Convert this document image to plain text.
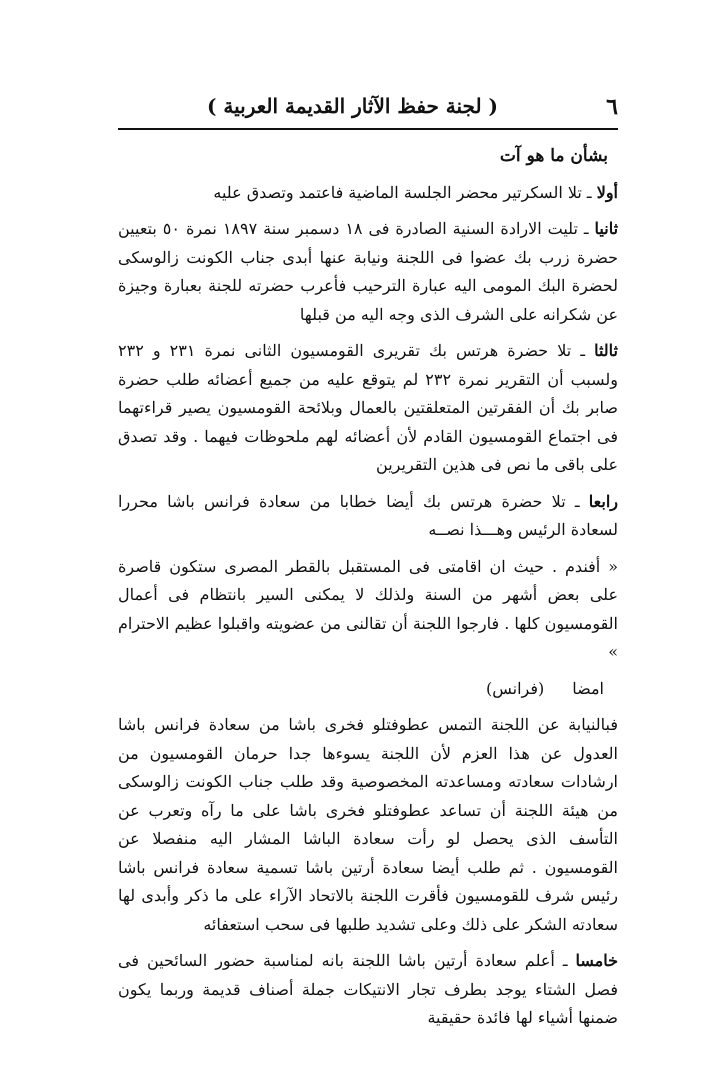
٦
( لجنة حفظ الآثار القديمة العربية )

بشأن ما هو آت

أولا ـ تلا السكرتير محضر الجلسة الماضية فاعتمد وتصدق عليه

ثانيا ـ تليت الارادة السنية الصادرة فى ١٨ دسمبر سنة ١٨٩٧ نمرة ٥٠ بتعيين حضرة زرب بك عضوا فى اللجنة ونيابة عنها أبدى جناب الكونت زالوسكى لحضرة البك المومى اليه عبارة الترحيب فأعرب حضرته للجنة بعبارة وجيزة عن شكرانه على الشرف الذى وجه اليه من قبلها

ثالثا ـ تلا حضرة هرتس بك تقريرى القومسيون الثانى نمرة ٢٣١ و ٢٣٢ ولسبب أن التقرير نمرة ٢٣٢ لم يتوقع عليه من جميع أعضائه طلب حضرة صابر بك أن الفقرتين المتعلقتين بالعمال وبلائحة القومسيون يصير قراءتهما فى اجتماع القومسيون القادم لأن أعضائه لهم ملحوظات فيهما . وقد تصدق على باقى ما نص فى هذين التقريرين

رابعا ـ تلا حضرة هرتس بك أيضا خطابا من سعادة فرانس باشا محررا لسعادة الرئيس وهـــذا نصــه

« أفندم . حيث ان اقامتى فى المستقبل بالقطر المصرى ستكون قاصرة على بعض أشهر من السنة ولذلك لا يمكنى السير بانتظام فى أعمال القومسيون كلها . فارجوا اللجنة أن تقالنى من عضويته واقبلوا عظيم الاحترام »

امضا(فرانس)

فبالنيابة عن اللجنة التمس عطوفتلو فخرى باشا من سعادة فرانس باشا العدول عن هذا العزم لأن اللجنة يسوءها جدا حرمان القومسيون من ارشادات سعادته ومساعدته المخصوصية وقد طلب جناب الكونت زالوسكى من هيئة اللجنة أن تساعد عطوفتلو فخرى باشا على ما رآه وتعرب عن التأسف الذى يحصل لو رأت سعادة الباشا المشار اليه منفصلا عن القومسيون . ثم طلب أيضا سعادة أرتين باشا تسمية سعادة فرانس باشا رئيس شرف للقومسيون فأقرت اللجنة بالاتحاد الآراء على ما ذكر وأبدى لها سعادته الشكر على ذلك وعلى تشديد طلبها فى سحب استعفائه

خامسا ـ أعلم سعادة أرتين باشا اللجنة بانه لمناسبة حضور السائحين فى فصل الشتاء يوجد بطرف تجار الانتيكات جملة أصناف قديمة وربما يكون ضمنها أشياء لها فائدة حقيقية
